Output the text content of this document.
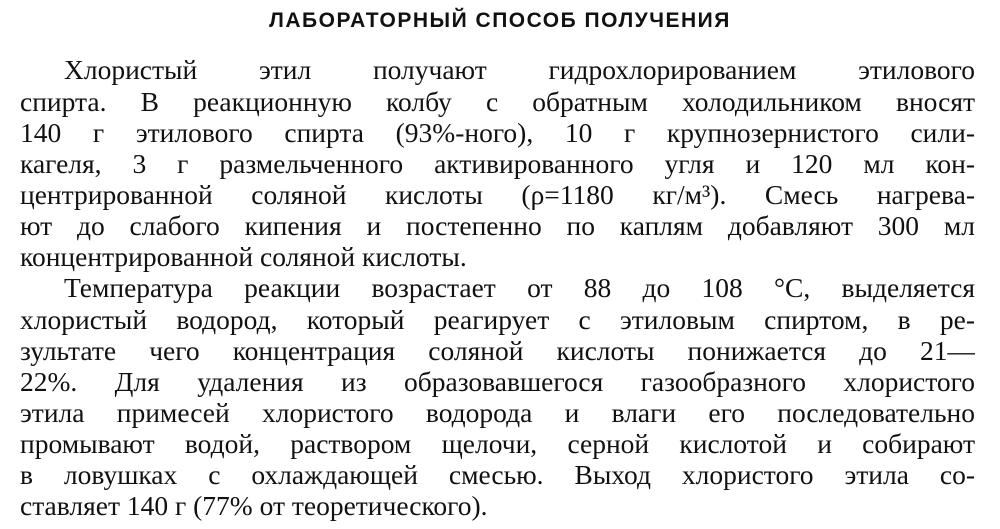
ЛАБОРАТОРНЫЙ СПОСОБ ПОЛУЧЕНИЯ
Хлористый этил получают гидрохлорированием этилового
спирта. В реакционную колбу с обратным холодильником вносят
140 г этилового спирта (93%-ного), 10 г крупнозернистого сили-
кагеля, 3 г размельченного активированного угля и 120 мл кон-
центрированной соляной кислоты (ρ=1180 кг/м³). Смесь нагрева-
ют до слабого кипения и постепенно по каплям добавляют 300 мл
концентрированной соляной кислоты.
Температура реакции возрастает от 88 до 108 °С, выделяется
хлористый водород, который реагирует с этиловым спиртом, в ре-
зультате чего концентрация соляной кислоты понижается до 21—
22%. Для удаления из образовавшегося газообразного хлористого
этила примесей хлористого водорода и влаги его последовательно
промывают водой, раствором щелочи, серной кислотой и собирают
в ловушках с охлаждающей смесью. Выход хлористого этила со-
ставляет 140 г (77% от теоретического).
